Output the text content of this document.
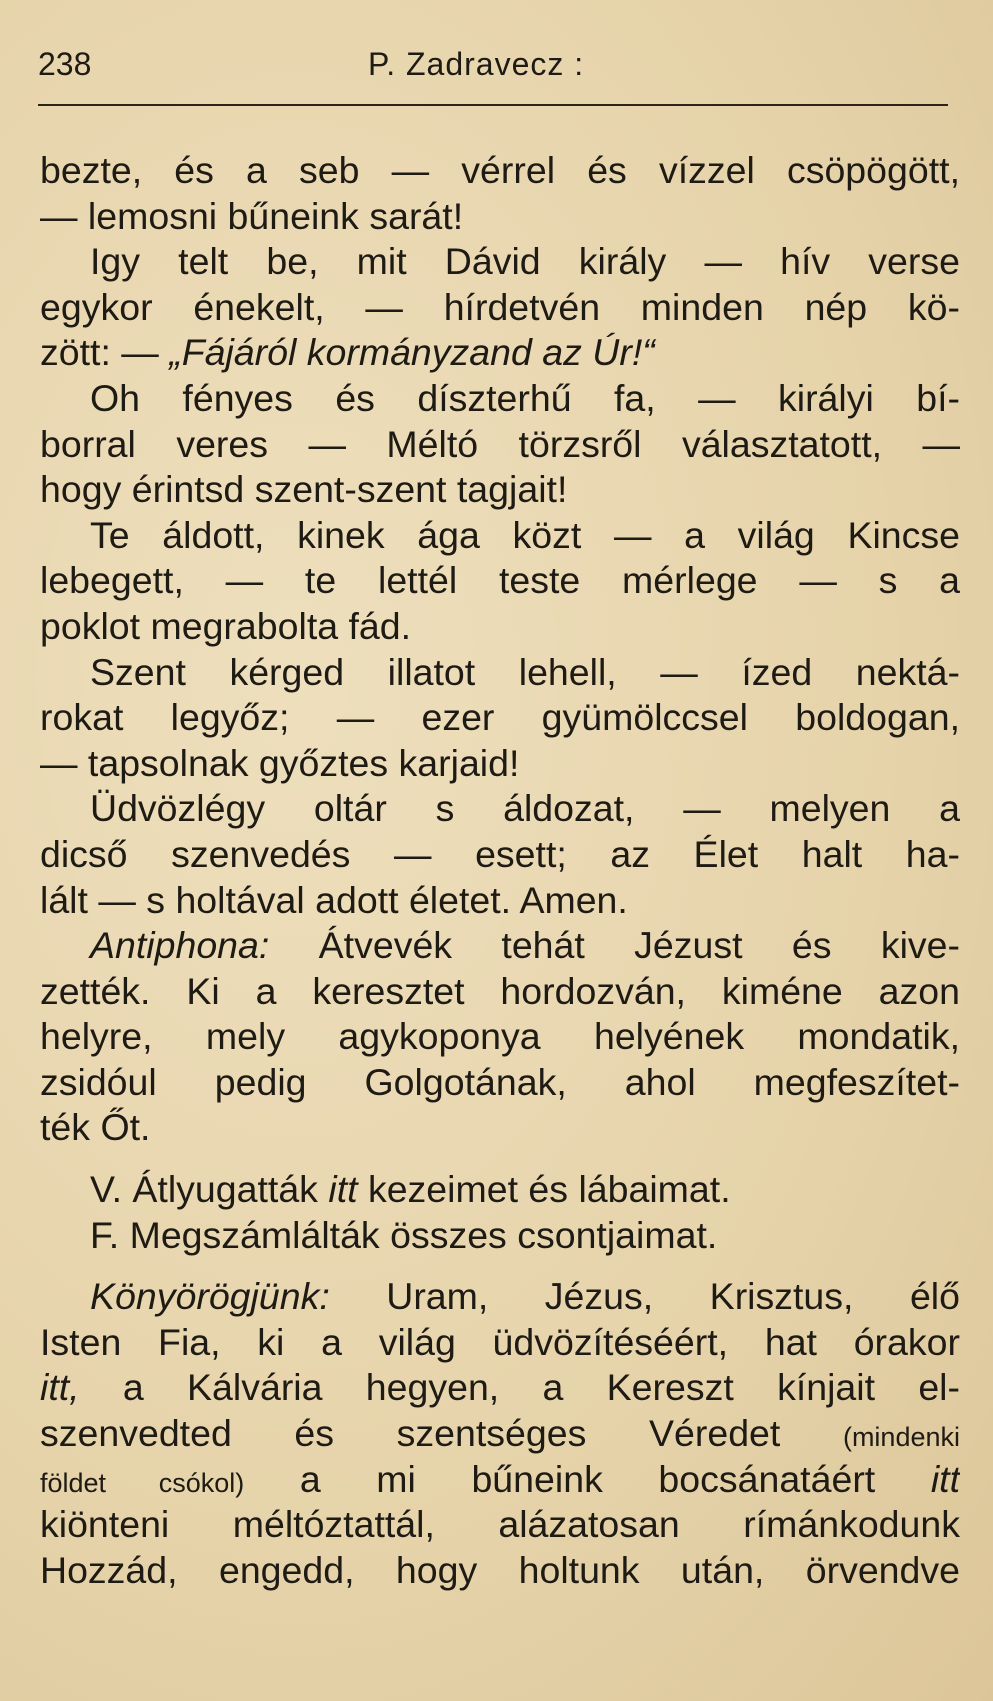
238	P. Zadravecz :
bezte, és a seb — vérrel és vízzel csöpögött,
— lemosni bűneink sarát!
Igy telt be, mit Dávid király — hív verse
egykor énekelt, — hírdetvén minden nép kö-
zött: — „Fájáról kormányzand az Úr!“
Oh fényes és díszterhű fa, — királyi bí-
borral veres — Méltó törzsről választatott, —
hogy érintsd szent-szent tagjait!
Te áldott, kinek ága közt — a világ Kincse
lebegett, — te lettél teste mérlege — s a
poklot megrabolta fád.
Szent kérged illatot lehell, — ízed nektá-
rokat legyőz; — ezer gyümölccsel boldogan,
— tapsolnak győztes karjaid!
Üdvözlégy oltár s áldozat, — melyen a
dicső szenvedés — esett; az Élet halt ha-
lált — s holtával adott életet. Amen.
Antiphona: Átvevék tehát Jézust és kive-
zették. Ki a keresztet hordozván, kiméne azon
helyre, mely agykoponya helyének mondatik,
zsidóul pedig Golgotának, ahol megfeszítet-
ték Őt.
V. Átlyugatták itt kezeimet és lábaimat.
F. Megszámlálták összes csontjaimat.
Könyörögjünk: Uram, Jézus, Krisztus, élő
Isten Fia, ki a világ üdvözítéséért, hat órakor
itt, a Kálvária hegyen, a Kereszt kínjait el-
szenvedted és szentséges Véredet (mindenki
földet csókol) a mi bűneink bocsánatáért itt
kiönteni méltóztattál, alázatosan rímánkodunk
Hozzád, engedd, hogy holtunk után, örvendve
